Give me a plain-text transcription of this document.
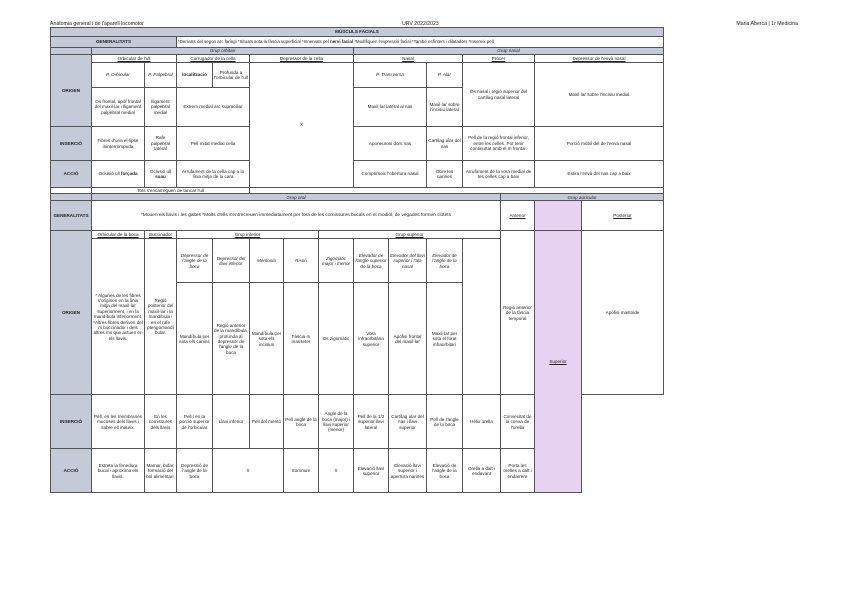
Anatomia general i de l'aparell locomotor	URV 2022/2023	Maria Aberca | 1r Medicina
MÚSCULS FACIALS														
GENERALITATS			*Derivats del segon arc faringi *Situats sota la fàscia superficial *Innervats pel nervi facial *Modifiquen l'expressió facial *També esfínters i dilatadors *Insereix pell											
	Grup orbitari							Grup nasal						
ORIGEN	Orbicular de l'ull		Corrugador de la cella		Depressor de la cella			Nasal			Pròcer		Depressor de l'envà nasal	
	P. Orbicular	P. Palpebral	localització	Profunda a l'orbicular de l'ull	X			P. Transversa		P. Alar	Ós nasal i regió superior del cartílag nasal lateral		Maxil·lar sobre l'incisiu medial	
	Os frontal, apòf frontal del maxil·lar i lligament palpebral medial	lligament palpebral medial	Extrem medial arc supraciliar					Maxil·lar lateral al nas		Maxil·lar sobre l'incisiu lateral				
INSERCIÓ	Fibres d'una el·lipse ininterrompuda	Rafe palpebral lateral	Pell mitat medial cella					Aponeurosi dors nas		Cartílag alar del nas	Pell de la regió frontal inferior, entre les celles. Pot tenir continuïtat amb el m frontal.		Porció mòbil del de l'envà nasal	
ACCIÓ	Oclusió ull forçada	Oclusió ull suau	Arrufament de la cella cap a la línia mitja de la cara					Comprimeix l'obertura nasal		Obre les narines	Arrufament de la vora medial de les celles cap a baix		Estira l'envà del nas cap a baix	
	Tots s'encarreguen de tancar l'ull													
	Grup oral											Grup auricular		
GENERALITATS	*Mouen els llavis i les galtes *Molts d'ells s'entrecreuen immediatament per fora de les comissures bucals en el modiol, de vegades formen clotets											Anterior		Posterior
ORIGEN	Orbicular de la boca	Buccinador	Grup inferior				Grup superior					Regió anterior de la fàscia temporal	Superior	Apòfisi mastoide
	* Algunes de les fibres s'originen en la línia mitja del maxil·lar superiorment, i en la mandíbula inferiorment. *Altres fibres deriven del m buccinador i dels altres ms que actuen en els llavis.	Regió posterior del maxil·lar i la mandíbula i en el rafe pterigomandíbular.	Depressor de l'angle de la boca	Depressor del llavi inferior	Mentonià	Risori	Zigomàtic major i menor	Elevador de l'angle superior de la boca	Elevador del llavi superior i l'ala nasal	Elevador de l'angle de la boca				
			Mandíbula per sota els canins	Regió anterior de la mandíbula, profunda al depressor de l'angle de la boca	Mandíbula per sota els incisius	Fàscia m masseter	Os zigomàtic	Vora infraorbitària superior	Apòfisi frontal del maxil·lar	Maxil·lar per sota el forat infraorbitari				
INSERCIÓ	Pell, en les membranes mucoses dels llavis i sobre ell mateix.	En les comissures dels llavis	Pell i en la porció superior de l'orbicular	Llavi inferior	Pell del mentó	Pell angle de la boca	Angle de la boca (major) i llavi superior (menor)	Pell de la 1/2 superior llavi lateral	Cartílag alar del nas i llavi superior	Pell de l'angle de la boca	Hèlix orella	Convexitat de la conxa de l'orella		
ACCIÓ	Estreta la fenedura bucal i aproxima els llavis.	Mamar, bufar, formació del bol alimentari.	Depressió de l'angle de la boca	X		Somriure	X	Elevació llavi superior	Elevació llavi superior i apertura narines	Elevació de l'angle de la boca	Orella a dalt i endavant	Porta les orelles a dalt i endarrere		
